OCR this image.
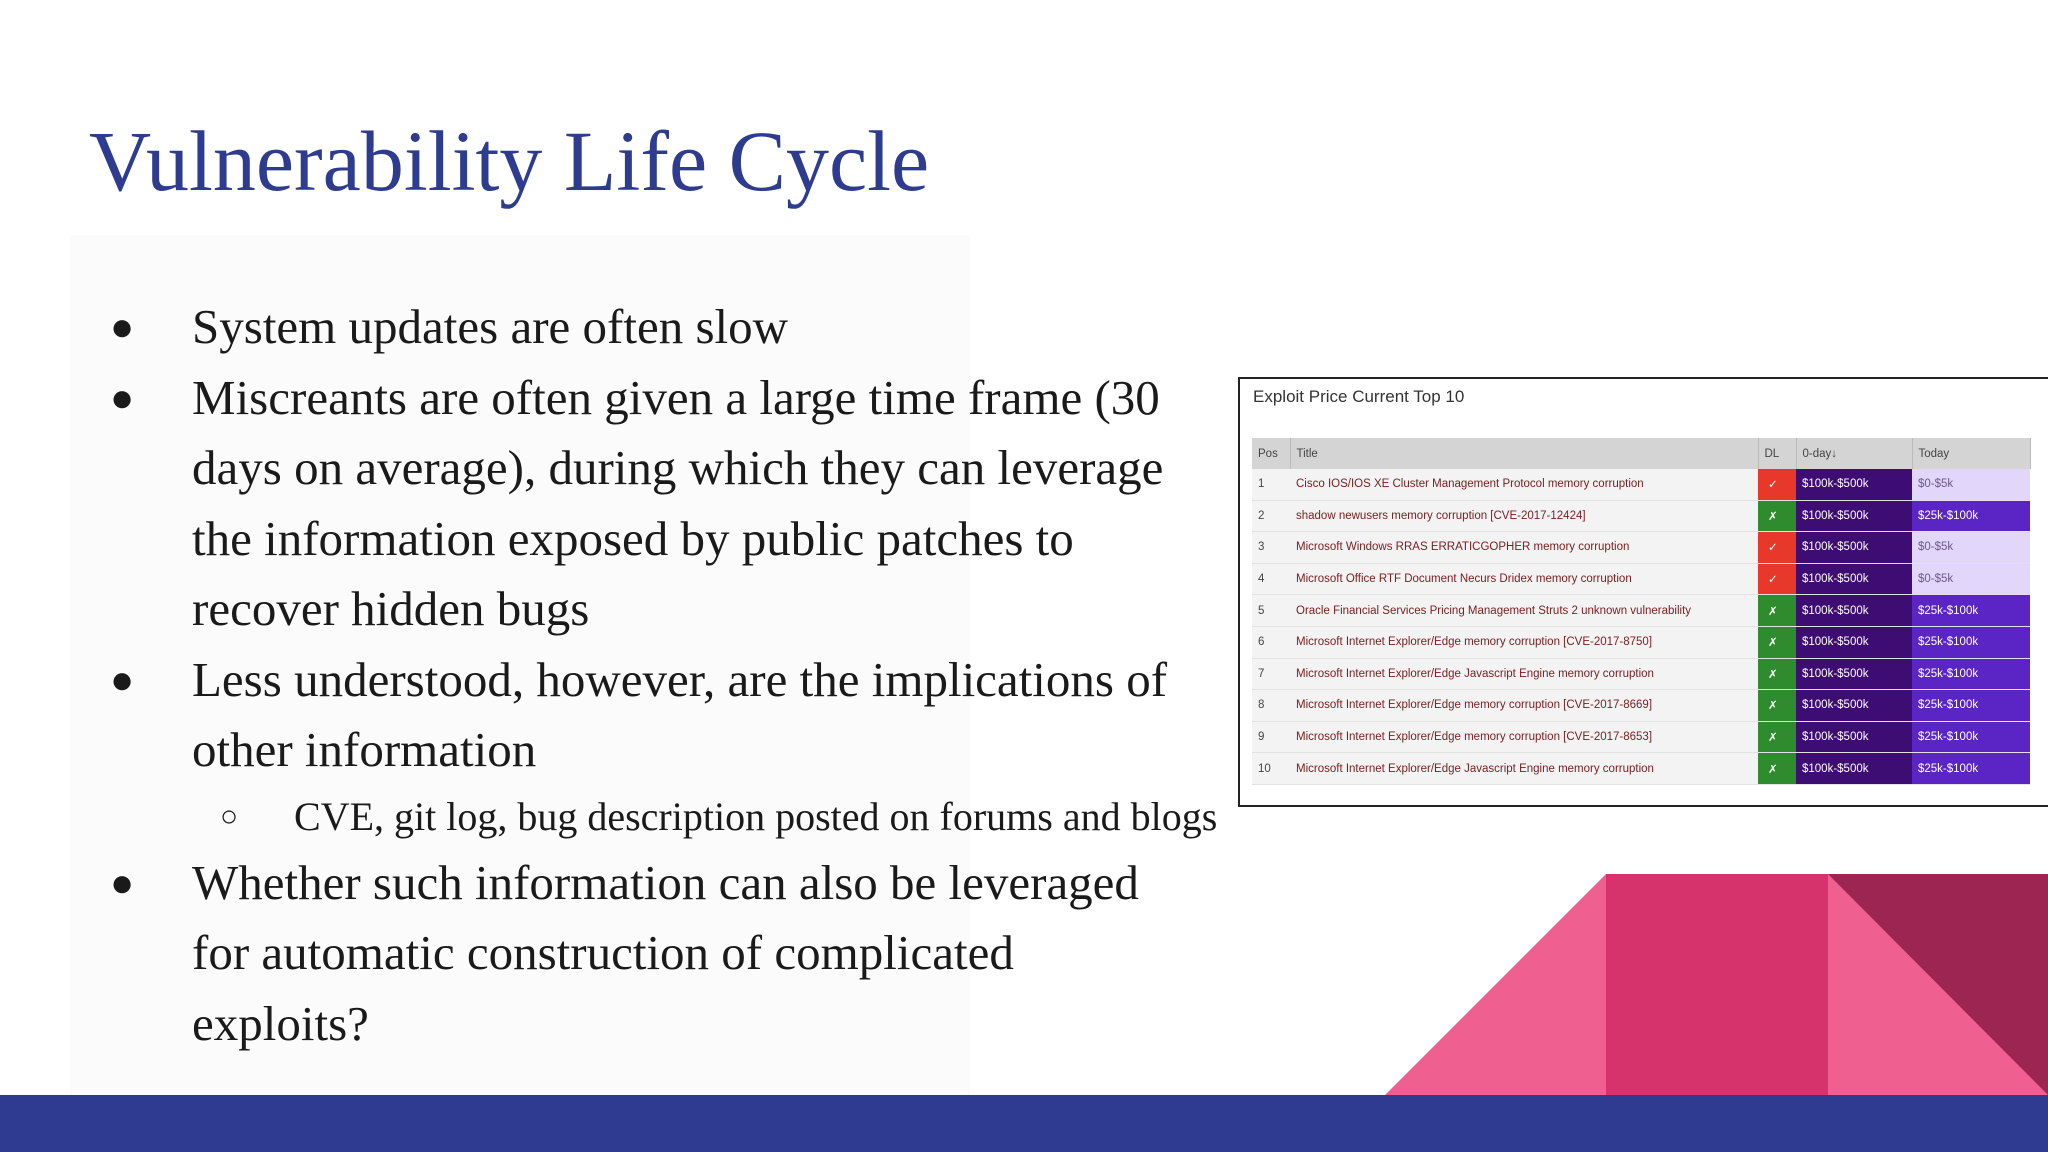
Vulnerability Life Cycle
● System updates are often slow
● Miscreants are often given a large time frame (30 days on average), during which they can leverage the information exposed by public patches to recover hidden bugs
● Less understood, however, are the implications of other information
○ CVE, git log, bug description posted on forums and blogs
● Whether such information can also be leveraged for automatic construction of complicated exploits?
Exploit Price Current Top 10
Pos	Title	DL	0-day↓	Today
1	Cisco IOS/IOS XE Cluster Management Protocol memory corruption	✓	$100k-$500k	$0-$5k
2	shadow newusers memory corruption [CVE-2017-12424]	✗	$100k-$500k	$25k-$100k
3	Microsoft Windows RRAS ERRATICGOPHER memory corruption	✓	$100k-$500k	$0-$5k
4	Microsoft Office RTF Document Necurs Dridex memory corruption	✓	$100k-$500k	$0-$5k
5	Oracle Financial Services Pricing Management Struts 2 unknown vulnerability	✗	$100k-$500k	$25k-$100k
6	Microsoft Internet Explorer/Edge memory corruption [CVE-2017-8750]	✗	$100k-$500k	$25k-$100k
7	Microsoft Internet Explorer/Edge Javascript Engine memory corruption	✗	$100k-$500k	$25k-$100k
8	Microsoft Internet Explorer/Edge memory corruption [CVE-2017-8669]	✗	$100k-$500k	$25k-$100k
9	Microsoft Internet Explorer/Edge memory corruption [CVE-2017-8653]	✗	$100k-$500k	$25k-$100k
10	Microsoft Internet Explorer/Edge Javascript Engine memory corruption	✗	$100k-$500k	$25k-$100k
